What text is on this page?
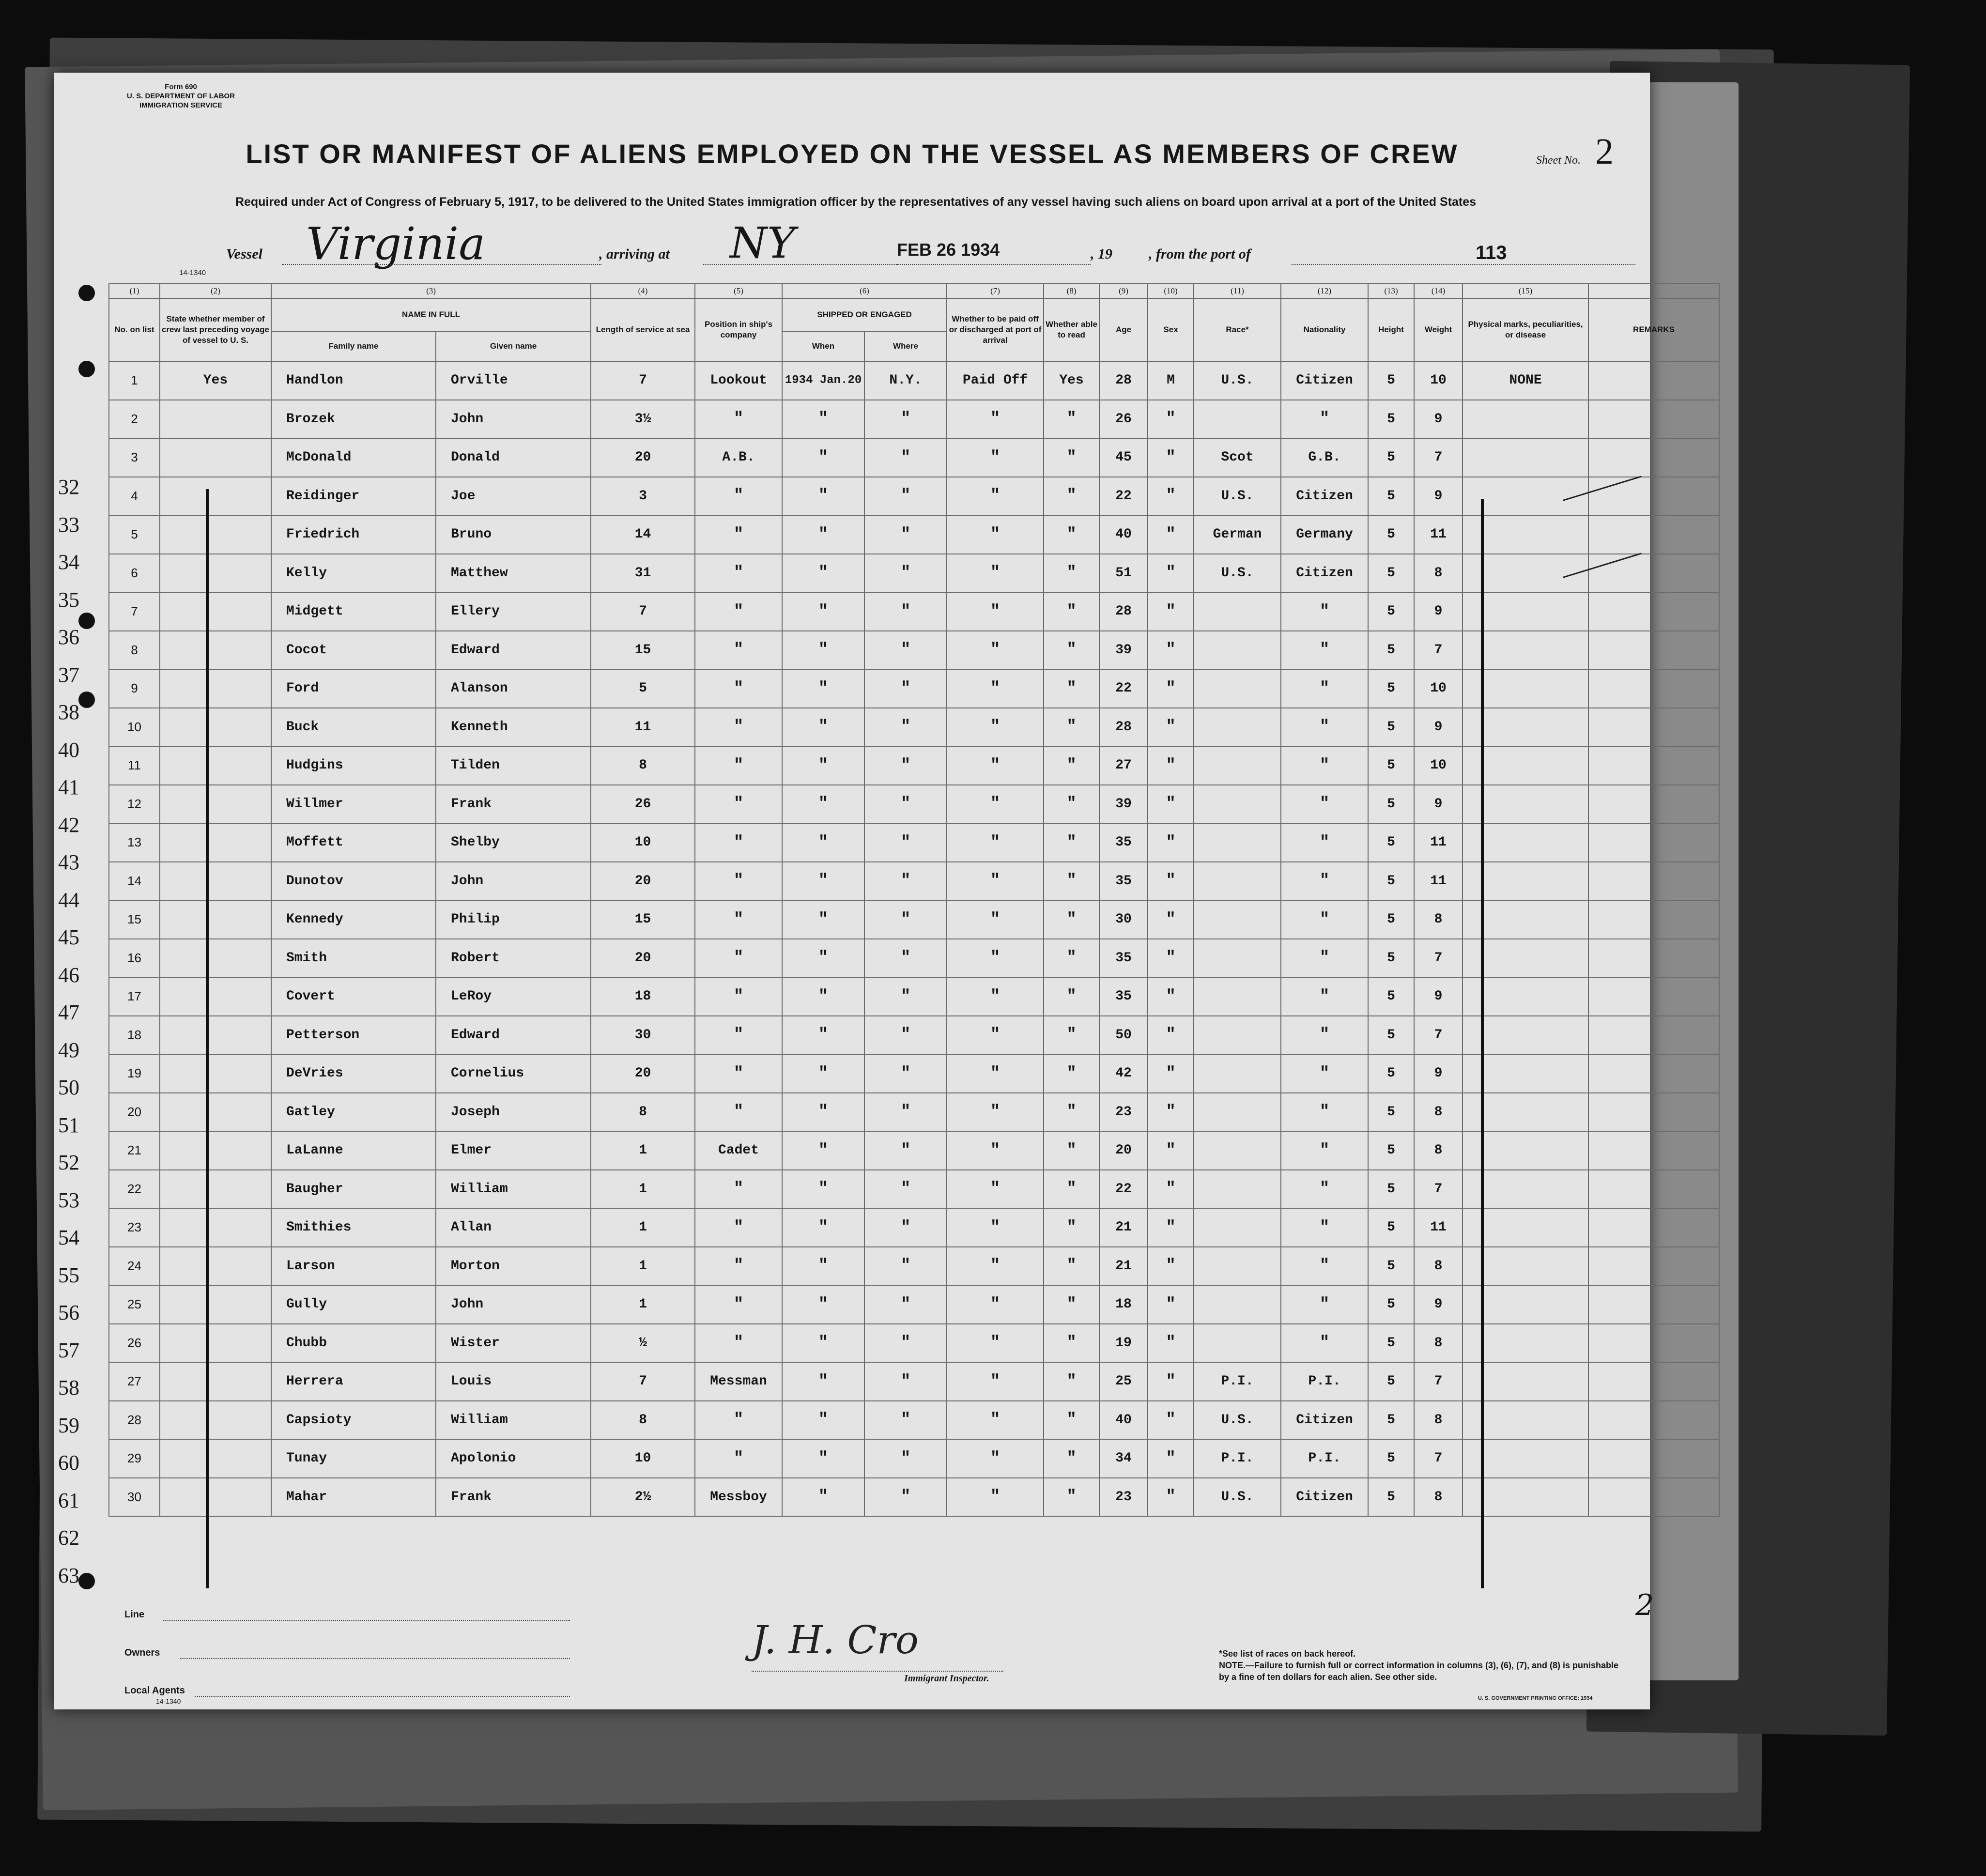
Form 690
U. S. DEPARTMENT OF LABOR
IMMIGRATION SERVICE
LIST OR MANIFEST OF ALIENS EMPLOYED ON THE VESSEL AS MEMBERS OF CREW	Sheet No. 2
Required under Act of Congress of February 5, 1917, to be delivered to the United States immigration officer by the representatives of any vessel having such aliens on board upon arrival at a port of the United States
Vessel Virginia	, arriving at NY	FEB 26 1934	, 19	, from the port of	113
14-1340
(1)	(2)	(3)		(4)	(5)	(6)		(7)	(8)	(9)	(10)	(11)	(12)	(13)	(14)	(15)	
No. on list	State whether member of crew last preceding voyage of vessel to U. S.	NAME IN FULL		Length of service at sea	Position in ship's company	SHIPPED OR ENGAGED		Whether to be paid off or discharged at port of arrival	Whether able to read	Age	Sex	Race*	Nationality	Height	Weight	Physical marks, peculiarities, or disease	REMARKS
		Family name	Given name			When	Where										
1	Yes	Handlon	Orville	7	Lookout	1934 Jan.20	N.Y.	Paid Off	Yes	28	M	U.S.	Citizen	5	10	NONE	
2		Brozek	John	3½	"	"	"	"	"	26	"		"	5	9		
3		McDonald	Donald	20	A.B.	"	"	"	"	45	"	Scot	G.B.	5	7		
4		Reidinger	Joe	3	"	"	"	"	"	22	"	U.S.	Citizen	5	9		
5		Friedrich	Bruno	14	"	"	"	"	"	40	"	German	Germany	5	11		
6		Kelly	Matthew	31	"	"	"	"	"	51	"	U.S.	Citizen	5	8		
7		Midgett	Ellery	7	"	"	"	"	"	28	"		"	5	9		
8		Cocot	Edward	15	"	"	"	"	"	39	"		"	5	7		
9		Ford	Alanson	5	"	"	"	"	"	22	"		"	5	10		
10		Buck	Kenneth	11	"	"	"	"	"	28	"		"	5	9		
11		Hudgins	Tilden	8	"	"	"	"	"	27	"		"	5	10		
12		Willmer	Frank	26	"	"	"	"	"	39	"		"	5	9		
13		Moffett	Shelby	10	"	"	"	"	"	35	"		"	5	11		
14		Dunotov	John	20	"	"	"	"	"	35	"		"	5	11		
15		Kennedy	Philip	15	"	"	"	"	"	30	"		"	5	8		
16		Smith	Robert	20	"	"	"	"	"	35	"		"	5	7		
17		Covert	LeRoy	18	"	"	"	"	"	35	"		"	5	9		
18		Petterson	Edward	30	"	"	"	"	"	50	"		"	5	7		
19		DeVries	Cornelius	20	"	"	"	"	"	42	"		"	5	9		
20		Gatley	Joseph	8	"	"	"	"	"	23	"		"	5	8		
21		LaLanne	Elmer	1	Cadet	"	"	"	"	20	"		"	5	8		
22		Baugher	William	1	"	"	"	"	"	22	"		"	5	7		
23		Smithies	Allan	1	"	"	"	"	"	21	"		"	5	11		
24		Larson	Morton	1	"	"	"	"	"	21	"		"	5	8		
25		Gully	John	1	"	"	"	"	"	18	"		"	5	9		
26		Chubb	Wister	½	"	"	"	"	"	19	"		"	5	8		
27		Herrera	Louis	7	Messman	"	"	"	"	25	"	P.I.	P.I.	5	7		
28		Capsioty	William	8	"	"	"	"	"	40	"	U.S.	Citizen	5	8		
29		Tunay	Apolonio	10	"	"	"	"	"	34	"	P.I.	P.I.	5	7		
30		Mahar	Frank	2½	Messboy	"	"	"	"	23	"	U.S.	Citizen	5	8		
Line
Owners
Local Agents
14-1340
J. H. Cro
Immigrant Inspector.
*See list of races on back hereof.
NOTE.—Failure to furnish full or correct information in columns (3), (6), (7), and (8) is punishable by a fine of ten dollars for each alien. See other side.
U. S. GOVERNMENT PRINTING OFFICE: 1934
2
32
33
34
35
36
37
38
40
41
42
43
44
45
46
47
49
50
51
52
53
54
55
56
57
58
59
60
61
62
63
